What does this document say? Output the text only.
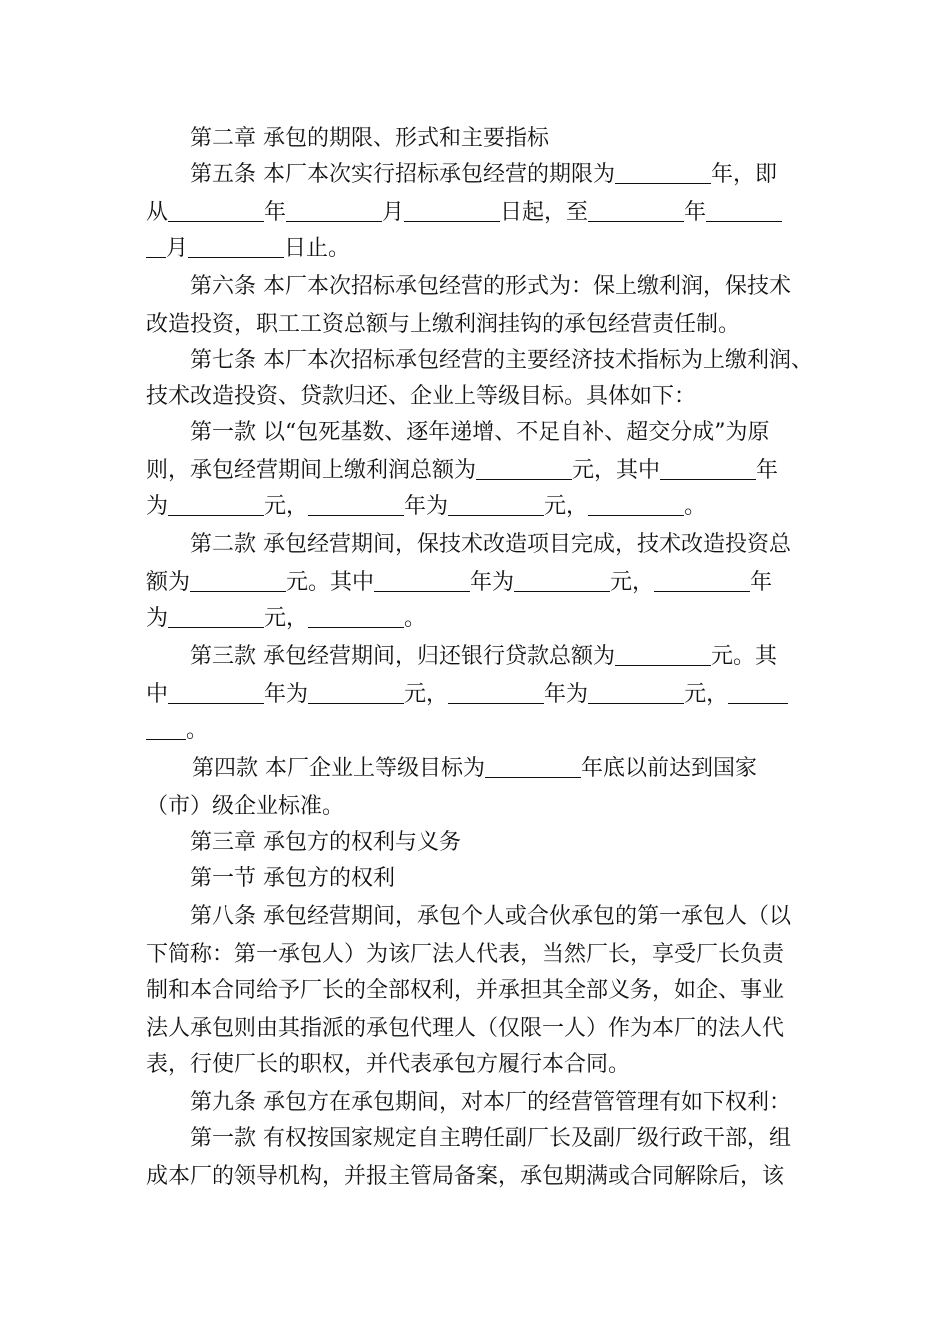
第二章 承包的期限、形式和主要指标
第五条 本厂本次实行招标承包经营的期限为	年，即
从	年	月	日起，至	年
月	日止。
第六条 本厂本次招标承包经营的形式为：保上缴利润，保技术
改造投资，职工工资总额与上缴利润挂钩的承包经营责任制。
第七条 本厂本次招标承包经营的主要经济技术指标为上缴利润、
技术改造投资、贷款归还、企业上等级目标。具体如下：
第一款 以“包死基数、逐年递增、不足自补、超交分成”为原
则，承包经营期间上缴利润总额为	元，其中	年
为	元，	年为	元，	。
第二款 承包经营期间，保技术改造项目完成，技术改造投资总
额为	元。其中	年为	元，	年
为	元，	。
第三款 承包经营期间，归还银行贷款总额为	元。其
中	年为	元，	年为	元，
。
第四款 本厂企业上等级目标为	年底以前达到国家
（市）级企业标准。
第三章 承包方的权利与义务
第一节 承包方的权利
第八条 承包经营期间，承包个人或合伙承包的第一承包人（以
下简称：第一承包人）为该厂法人代表，当然厂长，享受厂长负责
制和本合同给予厂长的全部权利，并承担其全部义务，如企、事业
法人承包则由其指派的承包代理人（仅限一人）作为本厂的法人代
表，行使厂长的职权，并代表承包方履行本合同。
第九条 承包方在承包期间，对本厂的经营管管理有如下权利：
第一款 有权按国家规定自主聘任副厂长及副厂级行政干部，组
成本厂的领导机构，并报主管局备案，承包期满或合同解除后，该
